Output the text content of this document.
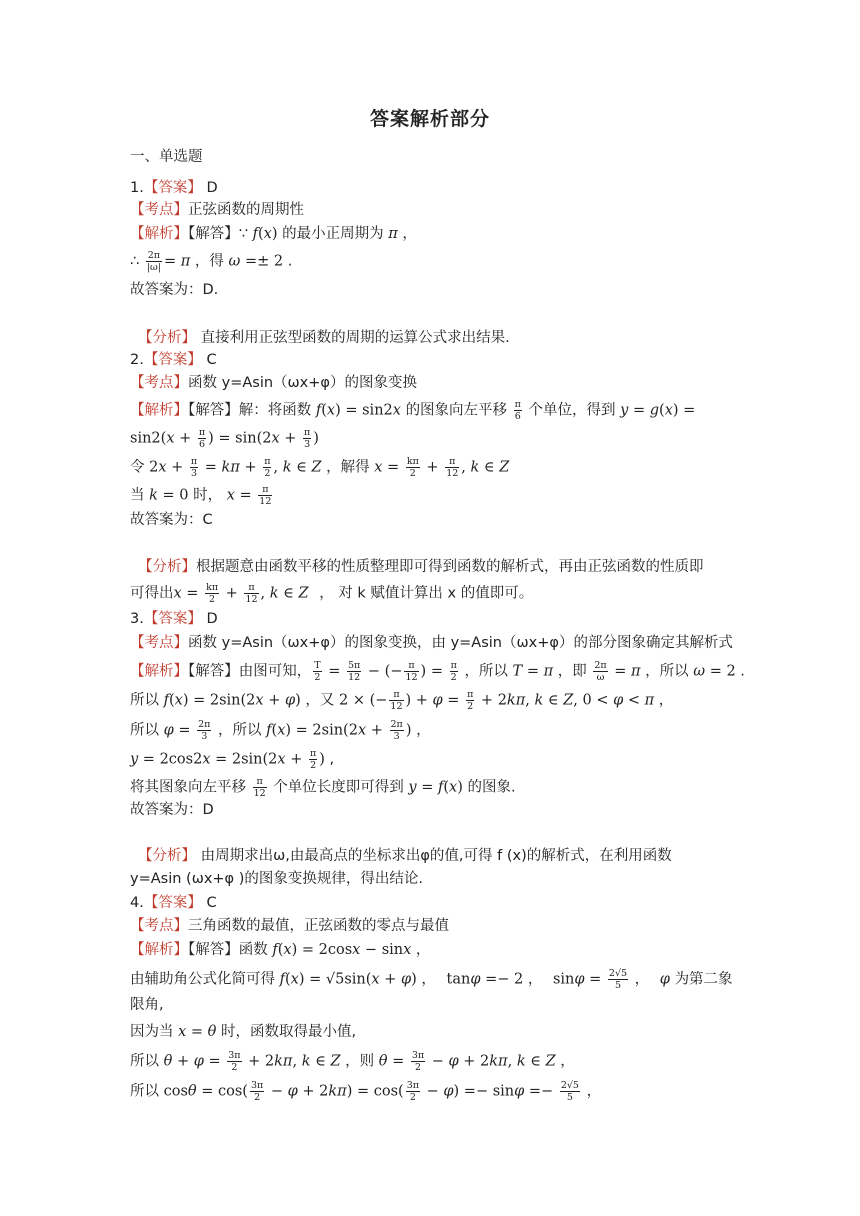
答案解析部分
一、单选题
1.【答案】 D
【考点】正弦函数的周期性
【解析】【解答】∵ f(x) 的最小正周期为 π ，
∴ $\frac{2\pi}{|\omega|} = \pi$ ，得 ω =± 2 .
故答案为：D.
【分析】 直接利用正弦型函数的周期的运算公式求出结果.
2.【答案】 C
【考点】函数 y=Asin（ωx+φ）的图象变换
【解析】【解答】解：将函数 f(x) = sin2x 的图象向左平移 $\frac{\pi}{6}$ 个单位，得到 y = g(x) =
$\sin 2(x + \frac{\pi}{6}$ ) = $\sin(2x + \frac{\pi}{3}$ )
令 $2x + \frac{\pi}{3} = k\pi + \frac{\pi}{2}$ , k ∈ Z ，解得 $x = \frac{k\pi}{2} + \frac{\pi}{12}$ , k ∈ Z
当 k = 0 时， $x = \frac{\pi}{12}$
故答案为：C
【分析】根据题意由函数平移的性质整理即可得到函数的解析式，再由正弦函数的性质即
可得出$x = \frac{k\pi}{2} + \frac{\pi}{12}$ , k ∈ Z ， 对 k 赋值计算出 x 的值即可。
3.【答案】 D
【考点】函数 y=Asin（ωx+φ）的图象变换，由 y=Asin（ωx+φ）的部分图象确定其解析式
【解析】【解答】由图可知， $\frac{T}{2} = \frac{5\pi}{12}$ − (− $\frac{\pi}{12}$ ) = $\frac{\pi}{2}$ ，所以 T = π ，即 $\frac{2\pi}{\omega} = \pi$ ，所以 ω = 2 .
所以 f(x) = 2sin(2x + φ) ，又 2 × (− $\frac{\pi}{12}$ ) + $\varphi = \frac{\pi}{2} + 2k\pi$, k ∈ Z, 0 < φ < π ，
所以 $\varphi = \frac{2\pi}{3}$ ，所以 $f(x) = 2\sin(2x + \frac{2\pi}{3}$ ) ，
$y = 2\cos 2x = 2\sin(2x + \frac{\pi}{2}$ ) ,
将其图象向左平移 $\frac{\pi}{12}$ 个单位长度即可得到 y = f(x) 的图象.
故答案为：D
【分析】 由周期求出ω,由最高点的坐标求出φ的值,可得 f (x)的解析式，在利用函数
y=Asin (ωx+φ )的图象变换规律，得出结论.
4.【答案】 C
【考点】三角函数的最值，正弦函数的零点与最值
【解析】【解答】函数 f(x) = 2cosx − sinx ，
由辅助角公式化简可得 f(x) = √5sin(x + φ) ， tanφ =− 2 ， $\sin\varphi = \frac{2√5}{5}$ ， φ 为第二象
限角,
因为当 x = θ 时，函数取得最小值,
所以 $\theta + \varphi = \frac{3\pi}{2} + 2k\pi$, k ∈ Z ，则 $\theta = \frac{3\pi}{2} - \varphi + 2k\pi$, k ∈ Z ，
所以 $\cos\theta = \cos( \frac{3\pi}{2} - \varphi + 2k\pi) = \cos( \frac{3\pi}{2} - \varphi) =- \sin\varphi =- \frac{2√5}{5}$ ，
